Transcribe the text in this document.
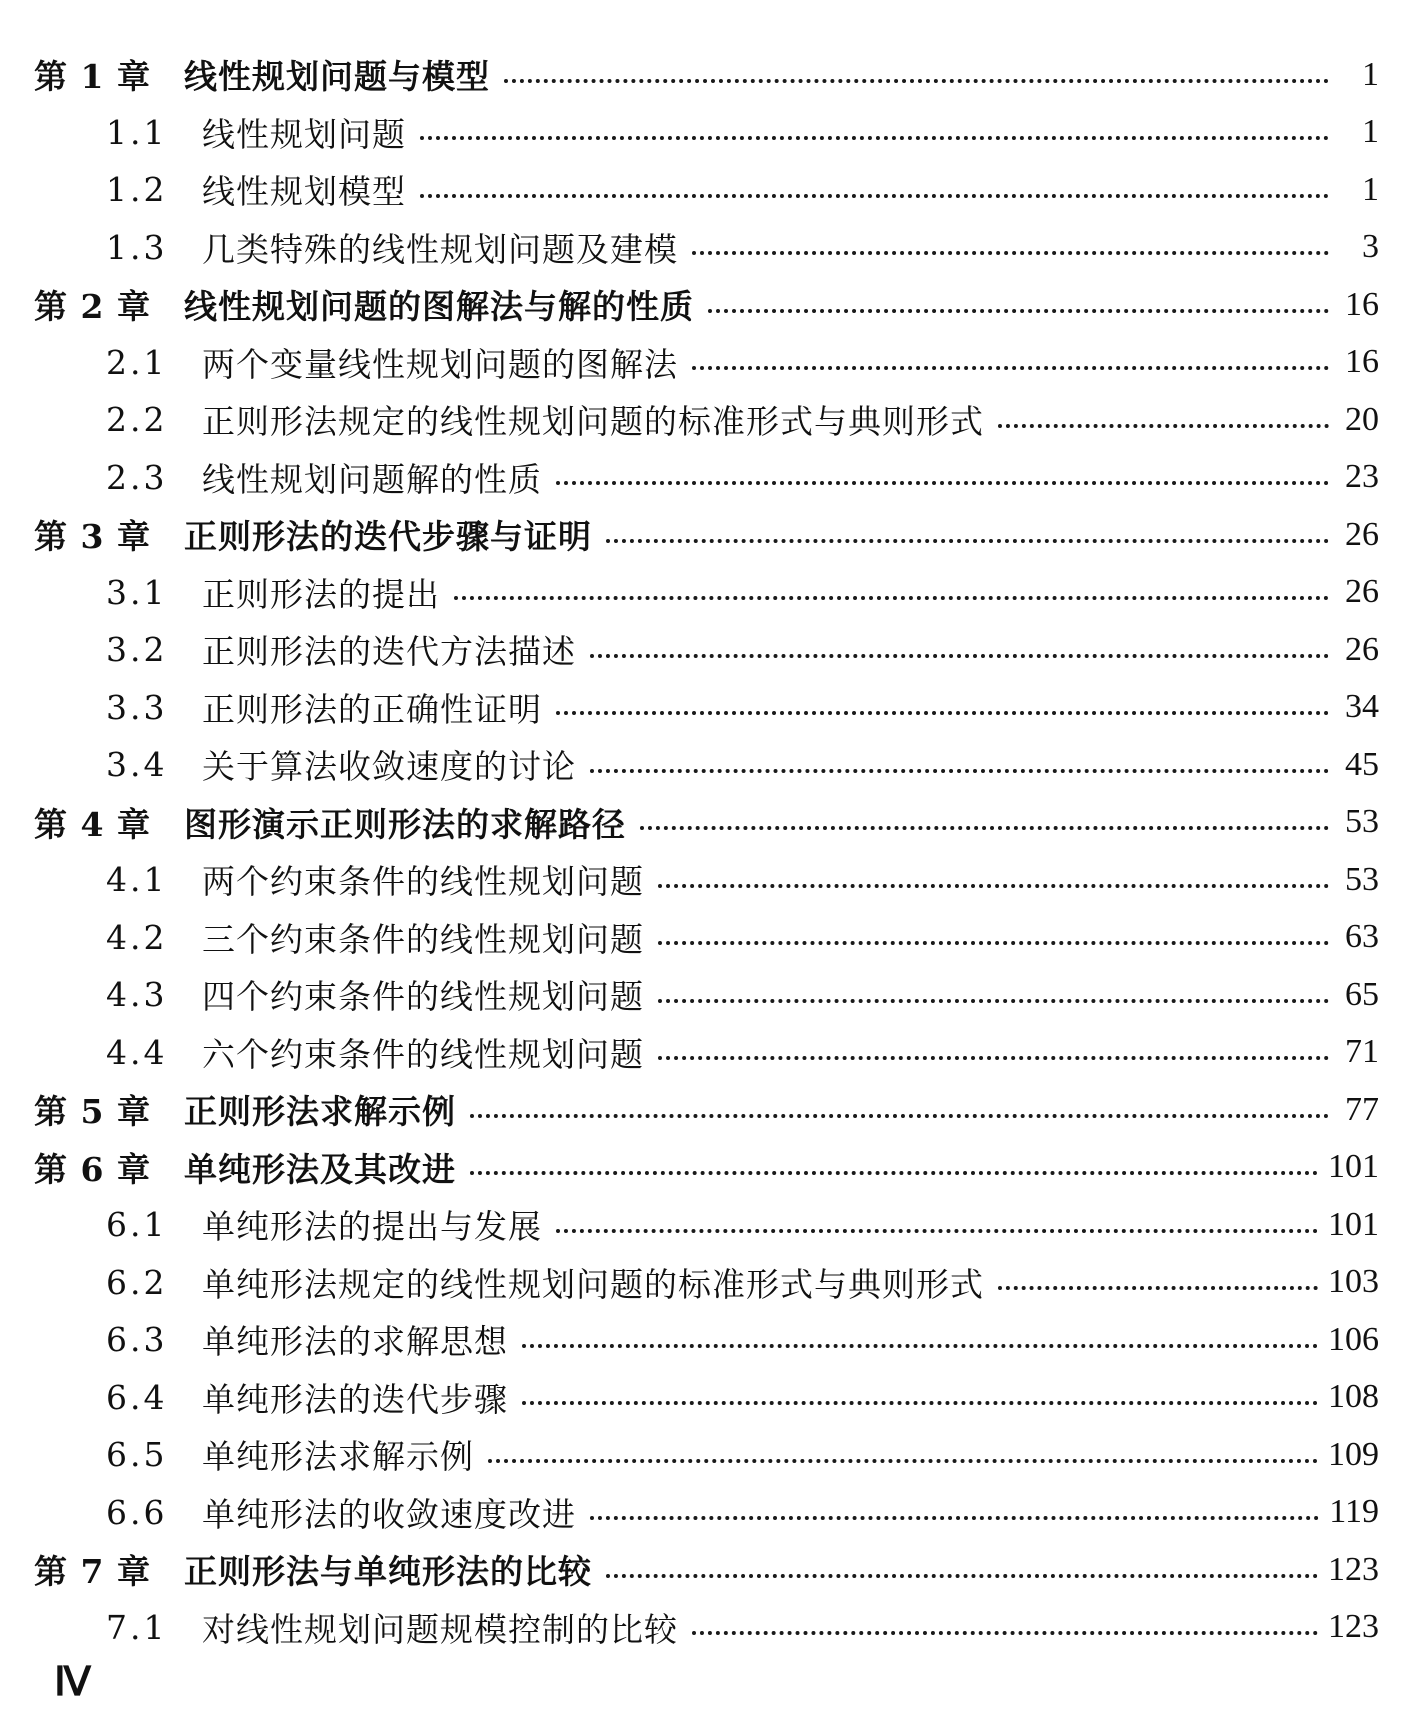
第 1 章	线性规划问题与模型	1
1.1	线性规划问题	1
1.2	线性规划模型	1
1.3	几类特殊的线性规划问题及建模	3
第 2 章	线性规划问题的图解法与解的性质	16
2.1	两个变量线性规划问题的图解法	16
2.2	正则形法规定的线性规划问题的标准形式与典则形式	20
2.3	线性规划问题解的性质	23
第 3 章	正则形法的迭代步骤与证明	26
3.1	正则形法的提出	26
3.2	正则形法的迭代方法描述	26
3.3	正则形法的正确性证明	34
3.4	关于算法收敛速度的讨论	45
第 4 章	图形演示正则形法的求解路径	53
4.1	两个约束条件的线性规划问题	53
4.2	三个约束条件的线性规划问题	63
4.3	四个约束条件的线性规划问题	65
4.4	六个约束条件的线性规划问题	71
第 5 章	正则形法求解示例	77
第 6 章	单纯形法及其改进	101
6.1	单纯形法的提出与发展	101
6.2	单纯形法规定的线性规划问题的标准形式与典则形式	103
6.3	单纯形法的求解思想	106
6.4	单纯形法的迭代步骤	108
6.5	单纯形法求解示例	109
6.6	单纯形法的收敛速度改进	119
第 7 章	正则形法与单纯形法的比较	123
7.1	对线性规划问题规模控制的比较	123
Ⅳ
